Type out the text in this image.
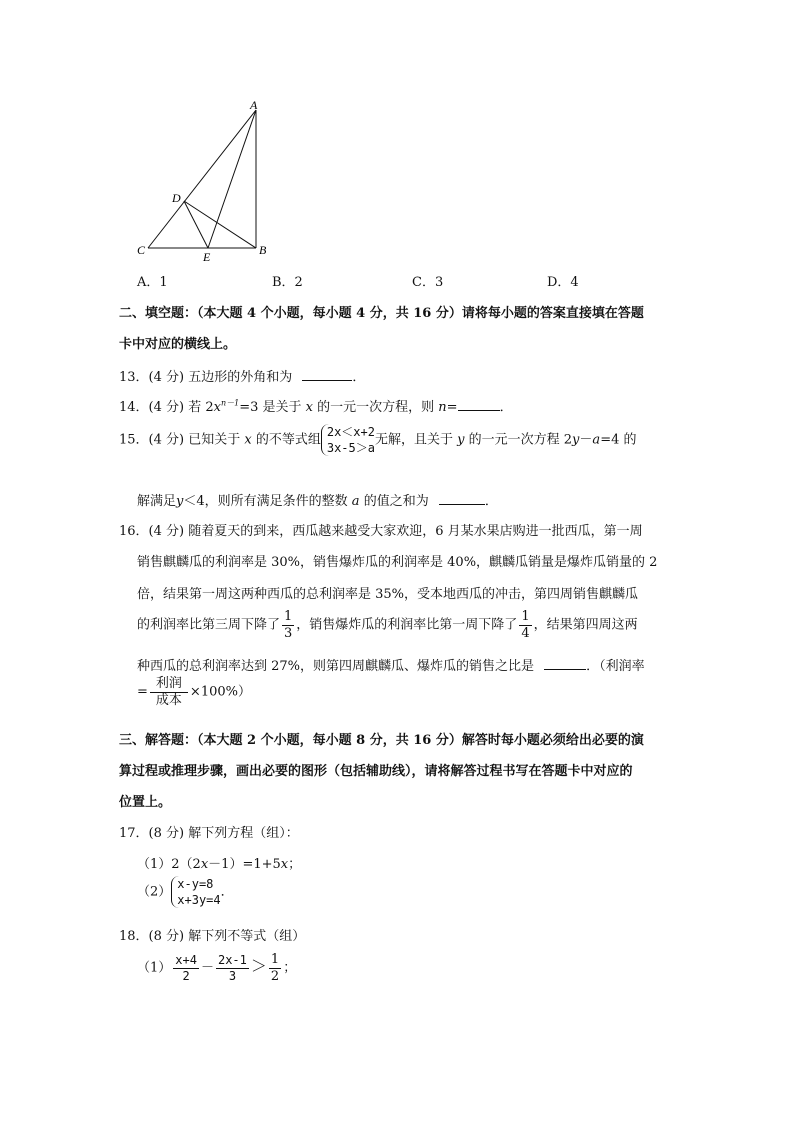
A
B
C
D
E
A．1	B．2	C．3	D．4
二、填空题：（本大题 4 个小题，每小题 4 分，共 16 分）请将每小题的答案直接填在答题
卡中对应的横线上。
13．(4 分) 五边形的外角和为	．
14．(4 分) 若 $2x^{n-1}=3$ 是关于 x 的一元一次方程，则 n=	．
15．(4 分) 已知关于 x 的不等式组
2x＜x+2
3x-5＞a
无解，且关于 y 的一元一次方程 2y－a=4 的
解满足y＜4，则所有满足条件的整数 a 的值之和为	．
16．(4 分) 随着夏天的到来，西瓜越来越受大家欢迎，6 月某水果店购进一批西瓜，第一周
销售麒麟瓜的利润率是 30%，销售爆炸瓜的利润率是 40%，麒麟瓜销量是爆炸瓜销量的 2
倍，结果第一周这两种西瓜的总利润率是 35%，受本地西瓜的冲击，第四周销售麒麟瓜
的利润率比第三周下降了 $\frac{1}{3}$ ，销售爆炸瓜的利润率比第一周下降了 $\frac{1}{4}$ ，结果第四周这两
种西瓜的总利润率达到 27%，则第四周麒麟瓜、爆炸瓜的销售之比是	．（利润率
= $\frac{\text{利润}}{\text{成本}} \times 100\%$）
三、解答题：（本大题 2 个小题，每小题 8 分，共 16 分）解答时每小题必须给出必要的演
算过程或推理步骤，画出必要的图形（包括辅助线），请将解答过程书写在答题卡中对应的
位置上。
17．(8 分) 解下列方程（组）：
（1）2（2x－1）=1+5x；
（2）
x-y=8
x+3y=4
．
18．(8 分) 解下列不等式（组）
$(1) \frac{x+4}{2} - \frac{2x-1}{3} > \frac{1}{2}$ ；
